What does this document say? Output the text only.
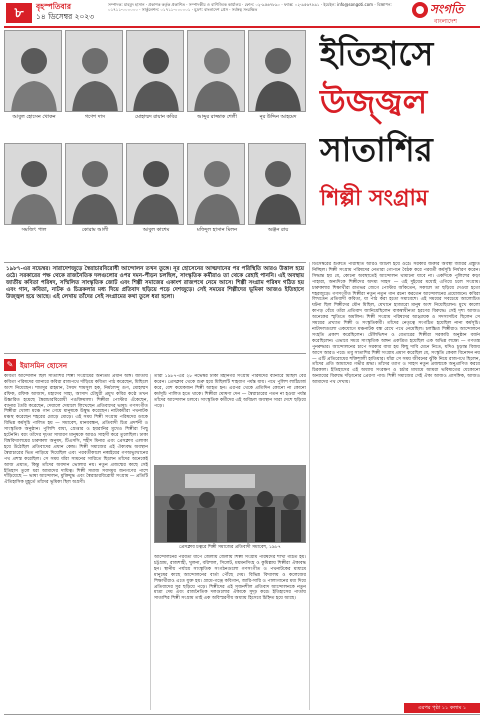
৮	বৃহস্পতিবার
১৪ ডিসেম্বর ২০২৩
সম্পাদক: মাহমুদ হাসান · প্রকাশক কর্তৃক প্রকাশিত · সম্পাদকীয় ও বাণিজ্যিক কার্যালয় · ফোন: ০২-৯৫৬৭৮৯০ · ফ্যাক্স: ০২-৯৫৬৭৮৯১ · ইমেইল: info@songoti.com · বিজ্ঞাপন: ০১৭১১-০০০০০০ · সার্কুলেশন: ০১৭১১-০০০০০১ · মুদ্রণ: বাংলাদেশ প্রেস · সর্বস্বত্ব সংরক্ষিত	সংগতি
বাংলাদেশ
আবুল হোসেন খোকন	গণেশ দাস	মোহাম্মদ রায়ান কবির	আব্দুর রাজ্জাক শেলী	নূর উদ্দিন আহমেদ
সমজিৎ পাল	কোরাম আলী	আবুল কাশেম	মফিদুল হাসান মিলন	অঞ্জন রায়
ইতিহাসে
উজ্জ্বল
সাতাশির
শিল্পী সংগ্রাম
১৯৮৭-এর নভেম্বর। সারাদেশজুড়ে স্বৈরাচারবিরোধী আন্দোলন তখন তুঙ্গে। নূর হোসেনের আত্মদানের পর পরিস্থিতি আরও উত্তাল হয়ে ওঠে। সরকারের পক্ষ থেকে রাজনৈতিক দলগুলোর ওপর দমন-পীড়ন চলছিল, সাংস্কৃতিক কর্মীরাও তা থেকে রেহাই পাননি। এই অবস্থায় জাতীয় কবিতা পরিষদ, সম্মিলিত সাংস্কৃতিক জোট এবং শিল্পী সমাজের একাংশ রাজপথে নেমে আসে। শিল্পী সংগ্রাম পরিষদ গঠিত হয় এবং গান, কবিতা, নাটক ও চিত্রকলার মধ্য দিয়ে প্রতিবাদ ছড়িয়ে পড়ে দেশজুড়ে। সেই সময়ের শিল্পীদের ভূমিকা আজও ইতিহাসে উজ্জ্বল হয়ে আছে। এই লেখায় তাঁদের সেই সংগ্রামের কথা তুলে ধরা হলো।
✎ ইয়াসমিন হোসেন
কবিতা আন্দোলন ছিল সাতাশির শিল্পী সংগ্রামের অন্যতম প্রধান অঙ্গ। জাতীয় কবিতা পরিষদের ব্যানারে কবিরা রাজপথে দাঁড়িয়ে কবিতা পাঠ করেছেন, মিছিলে অংশ নিয়েছেন। শামসুর রাহমান, সৈয়দ শামসুল হক, নির্মলেন্দু গুণ, মোহাম্মদ রফিক, রফিক আজাদ, মহাদেব সাহা, আসাদ চৌধুরী প্রমুখ কবির কণ্ঠে তখন উচ্চারিত হয়েছে স্বৈরাচারবিরোধী পঙক্তিমালা। শিল্পীরা পোস্টার এঁকেছেন, ব্যানার তৈরি করেছেন, দেয়ালে দেয়ালে লিখেছেন প্রতিবাদের ভাষা। গণসংগীত শিল্পীরা খোলা মঞ্চে গান গেয়ে মানুষকে উদ্বুদ্ধ করেছেন। নাট্যকর্মীরা পথনাটক মঞ্চস্থ করেছেন শহরের মোড়ে মোড়ে। এই সময় শিল্পী সংগ্রাম পরিষদের ডাকে বিভিন্ন কর্মসূচি পালিত হয় — সমাবেশ, মানববন্ধন, প্রতিবাদী চিত্র প্রদর্শনী ও সাংস্কৃতিক অনুষ্ঠান। পুলিশি বাধা, গ্রেপ্তার ও হয়রানির মুখেও শিল্পীরা পিছু হটেননি। বরং তাঁদের দৃঢ়তা সাধারণ মানুষকে আরও সাহসী করে তুলেছিল। ঢাকা বিশ্ববিদ্যালয়ের চারুকলা অনুষদ, টিএসসি, শহীদ মিনার এবং প্রেসক্লাব এলাকা হয়ে উঠেছিল প্রতিবাদের প্রধান কেন্দ্র। শিল্পী সমাজের এই ঐক্যবদ্ধ অবস্থান স্বৈরাচারের ভিত নাড়িয়ে দিয়েছিল এবং পরবর্তীকালে নব্বইয়ের গণঅভ্যুত্থানের পথ প্রশস্ত করেছিল। সে সময় যাঁরা সামনের সারিতে ছিলেন তাঁদের অনেকেই আজ প্রয়াত, কিন্তু তাঁদের অবদান ভোলার নয়। নতুন প্রজন্মের কাছে সেই ইতিহাস তুলে ধরা আমাদের দায়িত্ব। শিল্পী সমাজ সবসময় জনগণের পাশে দাঁড়িয়েছে — ভাষা আন্দোলন, মুক্তিযুদ্ধ এবং স্বৈরাচারবিরোধী সংগ্রাম — প্রতিটি ঐতিহাসিক মুহূর্তে তাঁদের ভূমিকা ছিল অগ্রণী।
তারা ১৯৮৭-এর ২৮ নভেম্বর ঢাকা মহানগর সংগ্রাম পরিষদের ব্যানারে মিছিল বের করেন। প্রেসক্লাব থেকে শুরু হয়ে মিছিলটি শাহবাগ পর্যন্ত যায়। পথে পুলিশ লাঠিচার্জ করে, বেশ কয়েকজন শিল্পী আহত হন। এরপর থেকে প্রতিদিন কোনো না কোনো কর্মসূচি পালিত হতে থাকে। শিল্পীরা ঘোষণা দেন — স্বৈরাচারের পতন না হওয়া পর্যন্ত তাঁদের আন্দোলন চলবে। সাংস্কৃতিক কর্মীদের এই অবিচল অবস্থান সারা দেশে ছড়িয়ে পড়ে।
প্রেসক্লাব চত্বরে শিল্পী সমাজের প্রতিবাদী সমাবেশ, ১৯৮৭
আন্দোলনের পরবর্তী ধাপে জেলায় জেলায় শিল্পী সংগ্রাম পরিষদের শাখা গঠিত হয়। চট্টগ্রাম, রাজশাহী, খুলনা, বরিশাল, সিলেট, ময়মনসিংহ ও কুমিল্লায় শিল্পীরা ঐক্যবদ্ধ হন। স্থানীয় পর্যায়ে সাংস্কৃতিক সংগঠনগুলো গণসংগীত ও পথনাটকের মাধ্যমে মানুষের কাছে আন্দোলনের বার্তা পৌঁছে দেয়। বিভিন্ন বিদ্যালয় ও কলেজের শিক্ষার্থীরাও এতে যুক্ত হয়। গ্রামে-গঞ্জে কবিগান, জারি-সারি ও পালাগানের মধ্য দিয়ে প্রতিবাদের সুর ছড়িয়ে পড়ে। শিল্পীদের এই সৃজনশীল প্রতিবাদ আন্দোলনকে নতুন মাত্রা দেয় এবং রাজনৈতিক দলগুলোর ঐক্যকে সুদৃঢ় করে। ইতিহাসের পাতায় সাতাশির শিল্পী সংগ্রাম তাই এক অবিস্মরণীয় অধ্যায় হিসেবে চিহ্নিত হয়ে আছে।
ডিসেম্বরের শুরুতে পরিস্থিতি আরও জটিল হয়ে ওঠে। সরকার জরুরি অবস্থা জারির প্রস্তুতি নিচ্ছিল। শিল্পী সংগ্রাম পরিষদের নেতারা গোপনে বৈঠক করে পরবর্তী কর্মসূচি নির্ধারণ করেন। সিদ্ধান্ত হয় যে, কোনো অবস্থাতেই আন্দোলন থামানো যাবে না। একদিকে পুলিশের কড়া পাহারা, অন্যদিকে শিল্পীদের অদম্য সাহস — এই দুইয়ের মধ্যেই এগিয়ে চলে সংগ্রাম। চারুকলার শিক্ষার্থীরা রাতভর জেগে পোস্টার আঁকতেন, সকালে তা ছড়িয়ে দেওয়া হতো শহরজুড়ে। গণসংগীত শিল্পীরা নতুন নতুন গান রচনা করতেন আন্দোলনের প্রয়োজনে। কবিরা লিখতেন প্রতিবাদী কবিতা, যা পাঠ করা হতো সমাবেশে। এই সময়ের সবচেয়ে আলোচিত ঘটনা ছিল শিল্পীদের মৌন মিছিল, যেখানে হাজারো মানুষ অংশ নিয়েছিলেন। মুখে কালো কাপড় বেঁধে তাঁরা প্রতিবাদ জানিয়েছিলেন বাকস্বাধীনতা হরণের বিরুদ্ধে। সেই দৃশ্য আজও অনেকের স্মৃতিতে অমলিন। শিল্পী সংগ্রাম পরিষদের আহ্বায়ক ও সদস্যসচিব ছিলেন সে সময়ের প্রখ্যাত শিল্পী ও সংস্কৃতিকর্মী। তাঁদের নেতৃত্বে সংগঠিত হয়েছিল নানা কর্মসূচি। নাট্যদলগুলো একযোগে মঞ্চনাটক বন্ধ রেখে পথে নেমেছিল। চলচ্চিত্র শিল্পীরাও আন্দোলনে সংহতি প্রকাশ করেছিলেন। টেলিভিশন ও বেতারের শিল্পীরা সরকারি অনুষ্ঠান বর্জন করেছিলেন। এভাবে সমগ্র সাংস্কৃতিক অঙ্গন একত্রিত হয়েছিল এক অভিন্ন লক্ষ্যে — গণতন্ত্র পুনরুদ্ধার। আন্দোলনের চাপে সরকার বাধ্য হয় কিছু দাবি মেনে নিতে, যদিও চূড়ান্ত বিজয় আসে আরও পরে। তবু সাতাশির শিল্পী সংগ্রাম প্রমাণ করেছিল যে, সংস্কৃতি কেবল বিনোদন নয় — এটি প্রতিরোধের শক্তিশালী হাতিয়ার। যাঁরা সে সময় জীবনের ঝুঁকি নিয়ে রাজপথে ছিলেন, তাঁদের প্রতি আমাদের গভীর শ্রদ্ধা। তাঁদের ত্যাগ ও সাহস নতুন প্রজন্মকে অনুপ্রাণিত করবে চিরকাল। ইতিহাসের এই অধ্যায় সংরক্ষণ ও চর্চার মাধ্যমে আমরা ভবিষ্যতের যেকোনো অন্যায়ের বিরুদ্ধে দাঁড়ানোর প্রেরণা পাব। শিল্পী সমাজের সেই ঐক্য আজও প্রাসঙ্গিক, আজও আমাদের পথ দেখায়।
এরপর পৃষ্ঠা ১১ কলাম ১
